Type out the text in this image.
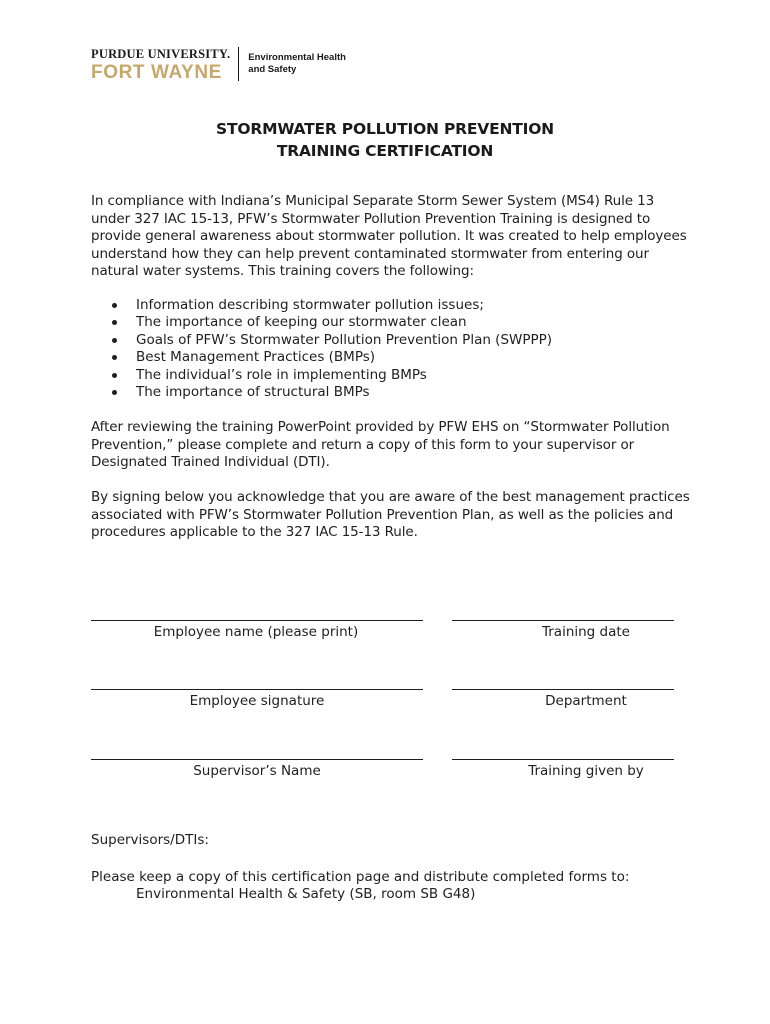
PURDUE UNIVERSITY.
FORT WAYNE
Environmental Health
and Safety
STORMWATER POLLUTION PREVENTION
TRAINING CERTIFICATION

In compliance with Indiana’s Municipal Separate Storm Sewer System (MS4) Rule 13 under 327 IAC 15-13, PFW’s Stormwater Pollution Prevention Training is designed to provide general awareness about stormwater pollution. It was created to help employees understand how they can help prevent contaminated stormwater from entering our natural water systems. This training covers the following:

Information describing stormwater pollution issues;
The importance of keeping our stormwater clean
Goals of PFW’s Stormwater Pollution Prevention Plan (SWPPP)
Best Management Practices (BMPs)
The individual’s role in implementing BMPs
The importance of structural BMPs

After reviewing the training PowerPoint provided by PFW EHS on “Stormwater Pollution Prevention,” please complete and return a copy of this form to your supervisor or Designated Trained Individual (DTI).

By signing below you acknowledge that you are aware of the best management practices associated with PFW’s Stormwater Pollution Prevention Plan, as well as the policies and procedures applicable to the 327 IAC 15-13 Rule.

Employee name (please print)	Training date
Employee signature	Department
Supervisor’s Name	Training given by
Supervisors/DTIs:
Please keep a copy of this certification page and distribute completed forms to:
Environmental Health & Safety (SB, room SB G48)
